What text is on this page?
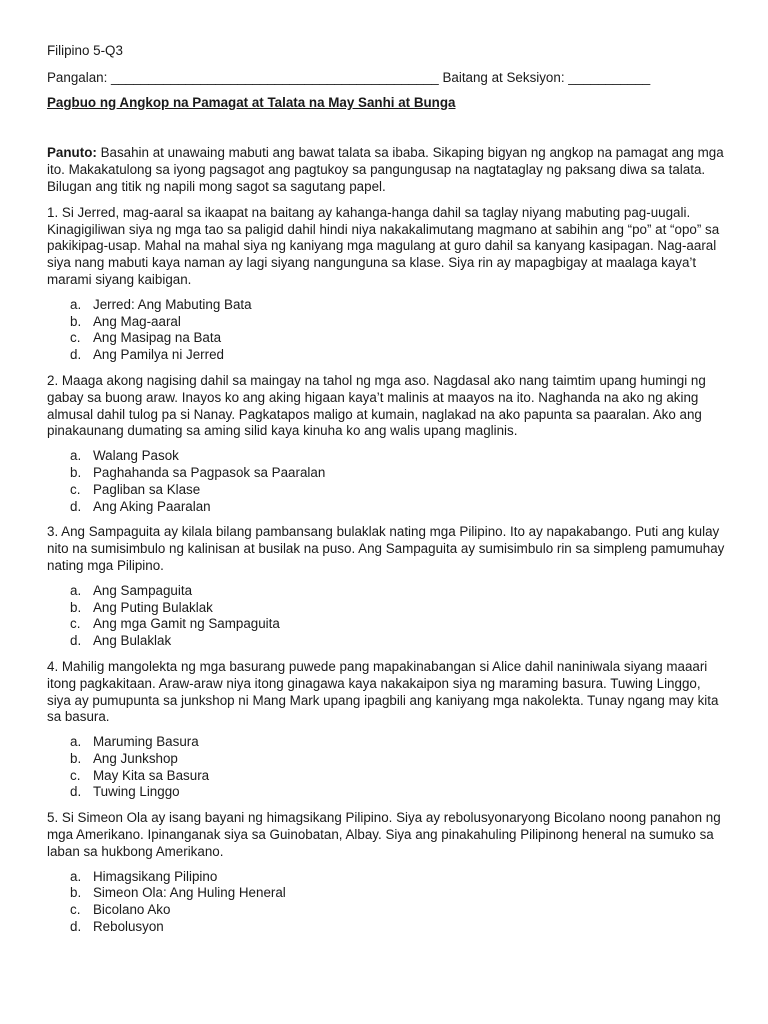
Filipino 5-Q3
Pangalan: ____________________________________________ Baitang at Seksiyon: ___________
Pagbuo ng Angkop na Pamagat at Talata na May Sanhi at Bunga
Panuto: Basahin at unawaing mabuti ang bawat talata sa ibaba. Sikaping bigyan ng angkop na pamagat ang mga ito. Makakatulong sa iyong pagsagot ang pagtukoy sa pangungusap na nagtataglay ng paksang diwa sa talata. Bilugan ang titik ng napili mong sagot sa sagutang papel.
1. Si Jerred, mag-aaral sa ikaapat na baitang ay kahanga-hanga dahil sa taglay niyang mabuting pag-uugali. Kinagigiliwan siya ng mga tao sa paligid dahil hindi niya nakakalimutang magmano at sabihin ang “po” at “opo” sa pakikipag-usap. Mahal na mahal siya ng kaniyang mga magulang at guro dahil sa kanyang kasipagan. Nag-aaral siya nang mabuti kaya naman ay lagi siyang nangunguna sa klase. Siya rin ay mapagbigay at maalaga kaya’t marami siyang kaibigan.
a. Jerred: Ang Mabuting Bata
b. Ang Mag-aaral
c. Ang Masipag na Bata
d. Ang Pamilya ni Jerred
2. Maaga akong nagising dahil sa maingay na tahol ng mga aso. Nagdasal ako nang taimtim upang humingi ng gabay sa buong araw. Inayos ko ang aking higaan kaya’t malinis at maayos na ito. Naghanda na ako ng aking almusal dahil tulog pa si Nanay. Pagkatapos maligo at kumain, naglakad na ako papunta sa paaralan. Ako ang pinakaunang dumating sa aming silid kaya kinuha ko ang walis upang maglinis.
a. Walang Pasok
b. Paghahanda sa Pagpasok sa Paaralan
c. Pagliban sa Klase
d. Ang Aking Paaralan
3. Ang Sampaguita ay kilala bilang pambansang bulaklak nating mga Pilipino. Ito ay napakabango. Puti ang kulay nito na sumisimbulo ng kalinisan at busilak na puso. Ang Sampaguita ay sumisimbulo rin sa simpleng pamumuhay nating mga Pilipino.
a. Ang Sampaguita
b. Ang Puting Bulaklak
c. Ang mga Gamit ng Sampaguita
d. Ang Bulaklak
4. Mahilig mangolekta ng mga basurang puwede pang mapakinabangan si Alice dahil naniniwala siyang maaari itong pagkakitaan. Araw-araw niya itong ginagawa kaya nakakaipon siya ng maraming basura. Tuwing Linggo, siya ay pumupunta sa junkshop ni Mang Mark upang ipagbili ang kaniyang mga nakolekta. Tunay ngang may kita sa basura.
a. Maruming Basura
b. Ang Junkshop
c. May Kita sa Basura
d. Tuwing Linggo
5. Si Simeon Ola ay isang bayani ng himagsikang Pilipino. Siya ay rebolusyonaryong Bicolano noong panahon ng mga Amerikano. Ipinanganak siya sa Guinobatan, Albay. Siya ang pinakahuling Pilipinong heneral na sumuko sa laban sa hukbong Amerikano.
a. Himagsikang Pilipino
b. Simeon Ola: Ang Huling Heneral
c. Bicolano Ako
d. Rebolusyon
